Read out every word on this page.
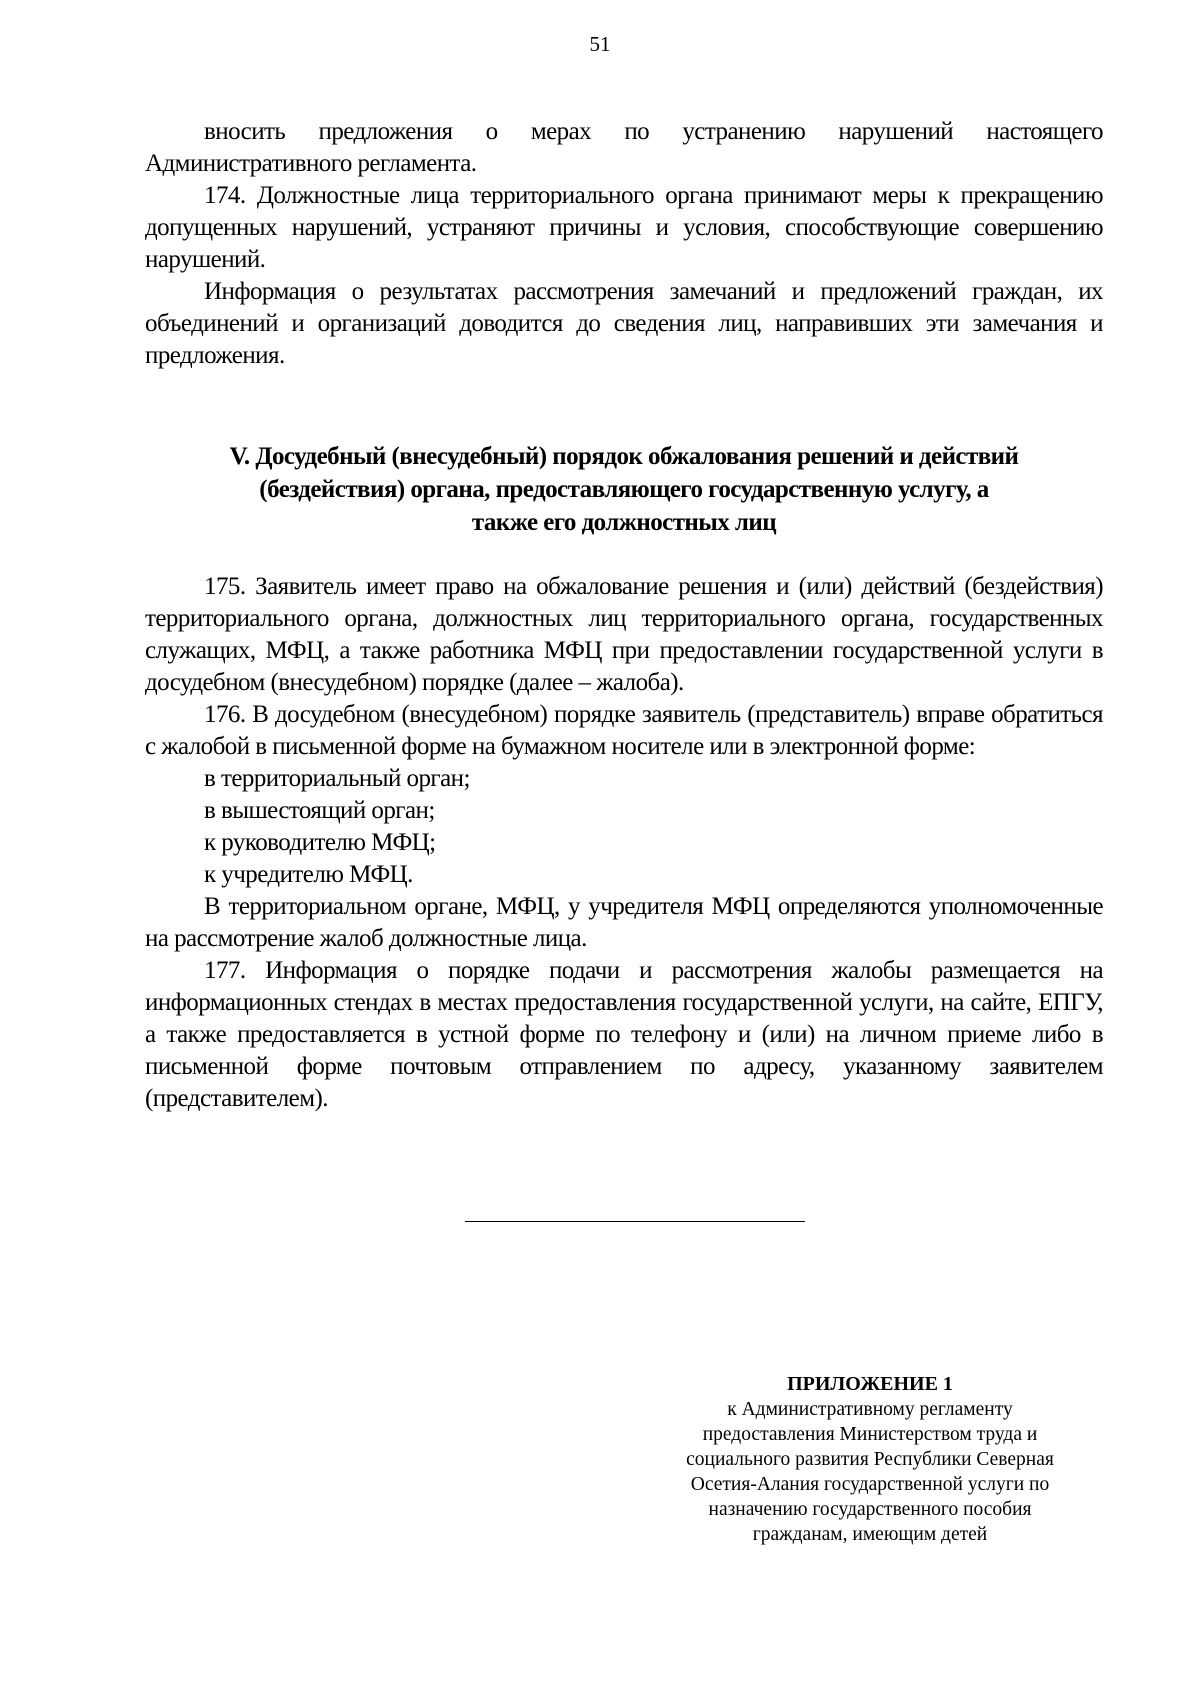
51

вносить предложения о мерах по устранению нарушений настоящего Административного регламента.

174. Должностные лица территориального органа принимают меры к прекращению допущенных нарушений, устраняют причины и условия, способствующие совершению нарушений.

Информация о результатах рассмотрения замечаний и предложений граждан, их объединений и организаций доводится до сведения лиц, направивших эти замечания и предложения.

V. Досудебный (внесудебный) порядок обжалования решений и действий
(бездействия) органа, предоставляющего государственную услугу, а
также его должностных лиц

175. Заявитель имеет право на обжалование решения и (или) действий (бездействия) территориального органа, должностных лиц территориального органа, государственных служащих, МФЦ, а также работника МФЦ при предоставлении государственной услуги в досудебном (внесудебном) порядке (далее – жалоба).

176. В досудебном (внесудебном) порядке заявитель (представитель) вправе обратиться с жалобой в письменной форме на бумажном носителе или в электронной форме:

в территориальный орган;
в вышестоящий орган;
к руководителю МФЦ;
к учредителю МФЦ.

В территориальном органе, МФЦ, у учредителя МФЦ определяются уполномоченные на рассмотрение жалоб должностные лица.

177. Информация о порядке подачи и рассмотрения жалобы размещается на информационных стендах в местах предоставления государственной услуги, на сайте, ЕПГУ, а также предоставляется в устной форме по телефону и (или) на личном приеме либо в письменной форме почтовым отправлением по адресу, указанному заявителем (представителем).

ПРИЛОЖЕНИЕ 1
к Административному регламенту
предоставления Министерством труда и
социального развития Республики Северная
Осетия-Алания государственной услуги по
назначению государственного пособия
гражданам, имеющим детей
